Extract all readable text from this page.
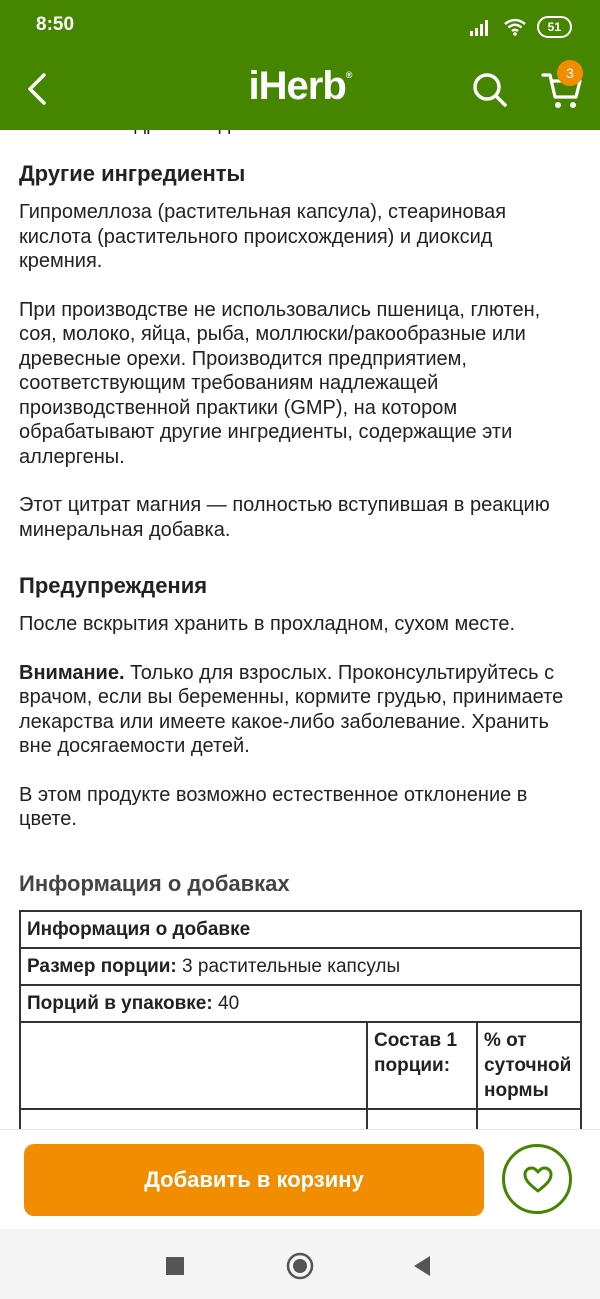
8:50	51
iHerb®	3
Другие ингредиенты

Гипромеллоза (растительная капсула), стеариновая кислота (растительного происхождения) и диоксид кремния.

При производстве не использовались пшеница, глютен, соя, молоко, яйца, рыба, моллюски/ракообразные или древесные орехи. Производится предприятием, соответствующим требованиям надлежащей производственной практики (GMP), на котором обрабатывают другие ингредиенты, содержащие эти аллергены.

Этот цитрат магния — полностью вступившая в реакцию минеральная добавка.

Предупреждения

После вскрытия хранить в прохладном, сухом месте.

Внимание. Только для взрослых. Проконсультируйтесь с врачом, если вы беременны, кормите грудью, принимаете лекарства или имеете какое-либо заболевание. Хранить вне досягаемости детей.

В этом продукте возможно естественное отклонение в цвете.

Информация о добавках
Информация о добавке		
Размер порции: 3 растительные капсулы		
Порций в упаковке: 40		
	Состав 1 порции:	% от суточной нормы

Добавить в корзину
